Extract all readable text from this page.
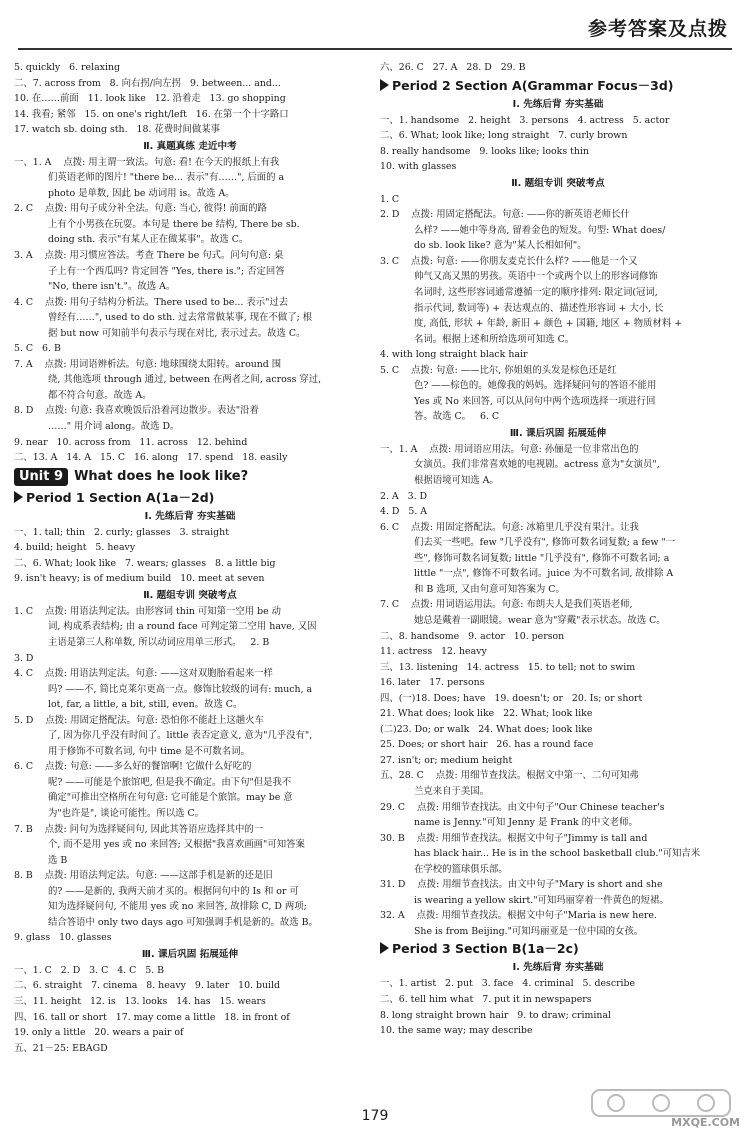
参考答案及点拨
5. quickly   6. relaxing
二、7. across from   8. 向右拐/向左拐   9. between... and...
10. 在……前面   11. look like   12. 沿着走   13. go shopping
14. 我看; 紧邻   15. on one's right/left   16. 在第一个十字路口
17. watch sb. doing sth.   18. 花费时间做某事
Ⅱ. 真题真练 走近中考
一、1. A    点拨: 用主谓一致法。句意: 看! 在今天的报纸上有我
们英语老师的图片! "there be... 表示"有……", 后面的 a
photo 是单数, 因此 be 动词用 is。故选 A。
2. C    点拨: 用句子成分补全法。句意: 当心, 彼得! 前面的路
上有个小男孩在玩耍。本句是 there be 结构, There be sb.
doing sth. 表示"有某人正在做某事"。故选 C。
3. A    点拨: 用习惯应答法。考查 There be 句式。问句句意: 桌
子上有一个西瓜吗? 肯定回答 "Yes, there is."; 否定回答
"No, there isn't."。故选 A。
4. C    点拨: 用句子结构分析法。There used to be... 表示"过去
曾经有……", used to do sth. 过去常常做某事, 现在不做了; 根
据 but now 可知前半句表示与现在对比, 表示过去。故选 C。
5. C   6. B
7. A    点拨: 用词语辨析法。句意: 地球围绕太阳转。around 围
绕, 其他选项 through 通过, between 在两者之间, across 穿过,
都不符合句意。故选 A。
8. D    点拨: 句意: 我喜欢晚饭后沿着河边散步。表达"沿着
……" 用介词 along。故选 D。
9. near   10. across from   11. across   12. behind
二、13. A   14. A   15. C   16. along   17. spend   18. easily
Unit 9 What does he look like?
Period 1 Section A(1a－2d)
Ⅰ. 先练后背 夯实基础
一、1. tall; thin   2. curly; glasses   3. straight
4. build; height   5. heavy
二、6. What; look like   7. wears; glasses   8. a little big
9. isn't heavy; is of medium build   10. meet at seven
Ⅱ. 题组专训 突破考点
1. C    点拨: 用语法判定法。由形容词 thin 可知第一空用 be 动
词, 构成系表结构; 由 a round face 可判定第二空用 have, 又因
主语是第三人称单数, 所以动词应用单三形式。   2. B
3. D
4. C    点拨: 用语法判定法。句意: ——这对双胞胎看起来一样
吗? ——不, 简比克莱尔更高一点。修饰比较级的词有: much, a
lot, far, a little, a bit, still, even。故选 C。
5. D    点拨: 用固定搭配法。句意: 恐怕你不能赶上这趟火车
了, 因为你几乎没有时间了。little 表否定意义, 意为"几乎没有",
用于修饰不可数名词, 句中 time 是不可数名词。
6. C    点拨: 句意: ——多么好的餐馆啊! 它做什么好吃的
呢? ——可能是个旅馆吧, 但是我不确定。由下句"但是我不
确定"可推出空格所在句句意: 它可能是个旅馆。may be 意
为"也许是", 谈论可能性。所以选 C。
7. B    点拨: 问句为选择疑问句, 因此其答语应选择其中的一
个, 而不是用 yes 或 no 来回答; 又根据"我喜欢画画"可知答案
选 B
8. B    点拨: 用语法判定法。句意: ——这部手机是新的还是旧
的? ——是新的, 我两天前才买的。根据问句中的 Is 和 or 可
知为选择疑问句, 不能用 yes 或 no 来回答, 故排除 C, D 两项;
结合答语中 only two days ago 可知强调手机是新的。故选 B。
9. glass   10. glasses
Ⅲ. 课后巩固 拓展延伸
一、1. C   2. D   3. C   4. C   5. B
二、6. straight   7. cinema   8. heavy   9. later   10. build
三、11. height   12. is   13. looks   14. has   15. wears
四、16. tall or short   17. may come a little   18. in front of
19. only a little   20. wears a pair of
五、21－25: EBAGD
六、26. C   27. A   28. D   29. B
Period 2 Section A(Grammar Focus－3d)
Ⅰ. 先练后背 夯实基础
一、1. handsome   2. height   3. persons   4. actress   5. actor
二、6. What; look like; long straight   7. curly brown
8. really handsome   9. looks like; looks thin
10. with glasses
Ⅱ. 题组专训 突破考点
1. C
2. D    点拨: 用固定搭配法。句意: ——你的新英语老师长什
么样? ——她中等身高, 留着金色的短发。句型: What does/
do sb. look like? 意为"某人长相如何"。
3. C    点拨: 句意: ——你朋友麦克长什么样? ——他是一个又
帅气又高又黑的男孩。英语中一个或两个以上的形容词修饰
名词时, 这些形容词通常遵循一定的顺序排列: 限定词(冠词,
指示代词, 数词等) + 表达观点的、描述性形容词 + 大小, 长
度, 高低, 形状 + 年龄, 新旧 + 颜色 + 国籍, 地区 + 物质材料 +
名词。根据上述和所给选项可知选 C。
4. with long straight black hair
5. C    点拨: 句意: ——比尔, 你姐姐的头发是棕色还是红
色? ——棕色的。她像我的妈妈。选择疑问句的答语不能用
Yes 或 No 来回答, 可以从问句中两个选项选择一项进行回
答。故选 C。   6. C
Ⅲ. 课后巩固 拓展延伸
一、1. A    点拨: 用词语应用法。句意: 孙俪是一位非常出色的
女演员。我们非常喜欢她的电视剧。actress 意为"女演员",
根据语境可知选 A。
2. A   3. D
4. D   5. A
6. C    点拨: 用固定搭配法。句意: 冰箱里几乎没有果汁。让我
们去买一些吧。few "几乎没有", 修饰可数名词复数; a few "一
些", 修饰可数名词复数; little "几乎没有", 修饰不可数名词; a
little "一点", 修饰不可数名词。juice 为不可数名词, 故排除 A
和 B 选项, 又由句意可知答案为 C。
7. C    点拨: 用词语运用法。句意: 布朗夫人是我们英语老师,
她总是戴着一副眼镜。wear 意为"穿戴"表示状态。故选 C。
二、8. handsome   9. actor   10. person
11. actress   12. heavy
三、13. listening   14. actress   15. to tell; not to swim
16. later   17. persons
四、(一)18. Does; have   19. doesn't; or   20. Is; or short
21. What does; look like   22. What; look like
(二)23. Do; or walk   24. What does; look like
25. Does; or short hair   26. has a round face
27. isn't; or; medium height
五、28. C    点拨: 用细节查找法。根据文中第一、二句可知弗
兰克来自于美国。
29. C    点拨: 用细节查找法。由文中句子"Our Chinese teacher's
name is Jenny."可知 Jenny 是 Frank 的中文老师。
30. B    点拨: 用细节查找法。根据文中句子"Jimmy is tall and
has black hair... He is in the school basketball club."可知吉米
在学校的篮球俱乐部。
31. D    点拨: 用细节查找法。由文中句子"Mary is short and she
is wearing a yellow skirt."可知玛丽穿着一件黄色的短裙。
32. A    点拨: 用细节查找法。根据文中句子"Maria is new here.
She is from Beijing."可知玛丽亚是一位中国的女孩。
Period 3 Section B(1a－2c)
Ⅰ. 先练后背 夯实基础
一、1. artist   2. put   3. face   4. criminal   5. describe
二、6. tell him what   7. put it in newspapers
8. long straight brown hair   9. to draw; criminal
10. the same way; may describe
179	MXQE.COM
